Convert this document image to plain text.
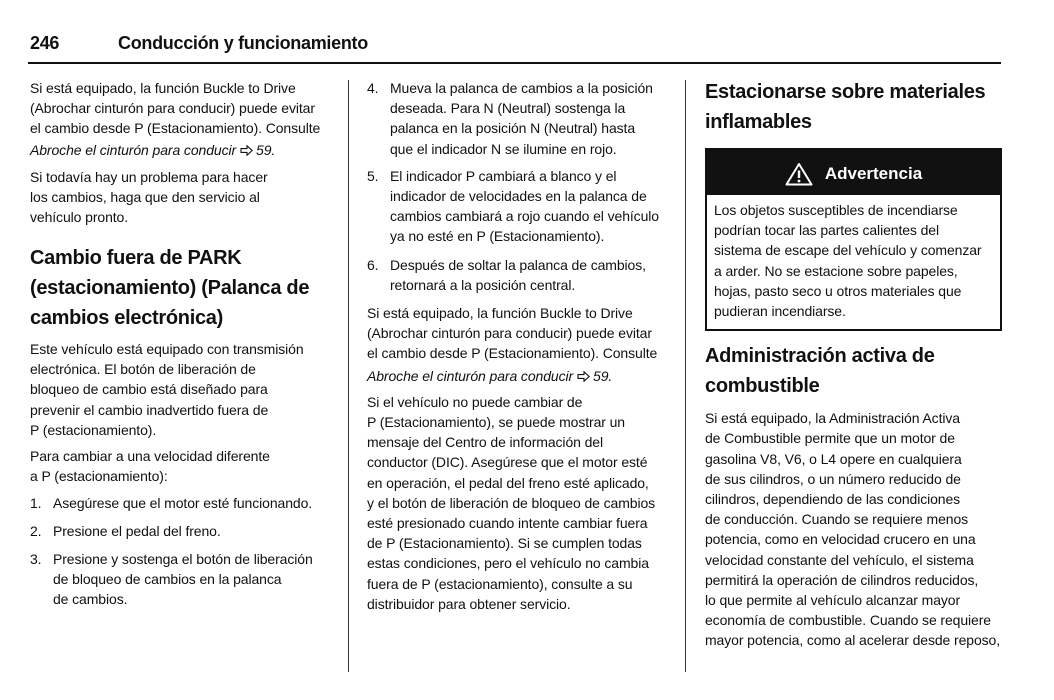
246	Conducción y funcionamiento
Si está equipado, la función Buckle to Drive
(Abrochar cinturón para conducir) puede evitar
el cambio desde P (Estacionamiento). Consulte
Abroche el cinturón para conducir 59.
Si todavía hay un problema para hacer
los cambios, haga que den servicio al
vehículo pronto.
Cambio fuera de PARK
(estacionamiento) (Palanca de
cambios electrónica)
Este vehículo está equipado con transmisión
electrónica. El botón de liberación de
bloqueo de cambio está diseñado para
prevenir el cambio inadvertido fuera de
P (estacionamiento).
Para cambiar a una velocidad diferente
a P (estacionamiento):
1. Asegúrese que el motor esté funcionando.
2. Presione el pedal del freno.
3. Presione y sostenga el botón de liberación
de bloqueo de cambios en la palanca
de cambios.
4. Mueva la palanca de cambios a la posición
deseada. Para N (Neutral) sostenga la
palanca en la posición N (Neutral) hasta
que el indicador N se ilumine en rojo.
5. El indicador P cambiará a blanco y el
indicador de velocidades en la palanca de
cambios cambiará a rojo cuando el vehículo
ya no esté en P (Estacionamiento).
6. Después de soltar la palanca de cambios,
retornará a la posición central.
Si está equipado, la función Buckle to Drive
(Abrochar cinturón para conducir) puede evitar
el cambio desde P (Estacionamiento). Consulte
Abroche el cinturón para conducir 59.
Si el vehículo no puede cambiar de
P (Estacionamiento), se puede mostrar un
mensaje del Centro de información del
conductor (DIC). Asegúrese que el motor esté
en operación, el pedal del freno esté aplicado,
y el botón de liberación de bloqueo de cambios
esté presionado cuando intente cambiar fuera
de P (Estacionamiento). Si se cumplen todas
estas condiciones, pero el vehículo no cambia
fuera de P (estacionamiento), consulte a su
distribuidor para obtener servicio.
Estacionarse sobre materiales
inflamables
Advertencia
Los objetos susceptibles de incendiarse
podrían tocar las partes calientes del
sistema de escape del vehículo y comenzar
a arder. No se estacione sobre papeles,
hojas, pasto seco u otros materiales que
pudieran incendiarse.
Administración activa de
combustible
Si está equipado, la Administración Activa
de Combustible permite que un motor de
gasolina V8, V6, o L4 opere en cualquiera
de sus cilindros, o un número reducido de
cilindros, dependiendo de las condiciones
de conducción. Cuando se requiere menos
potencia, como en velocidad crucero en una
velocidad constante del vehículo, el sistema
permitirá la operación de cilindros reducidos,
lo que permite al vehículo alcanzar mayor
economía de combustible. Cuando se requiere
mayor potencia, como al acelerar desde reposo,
